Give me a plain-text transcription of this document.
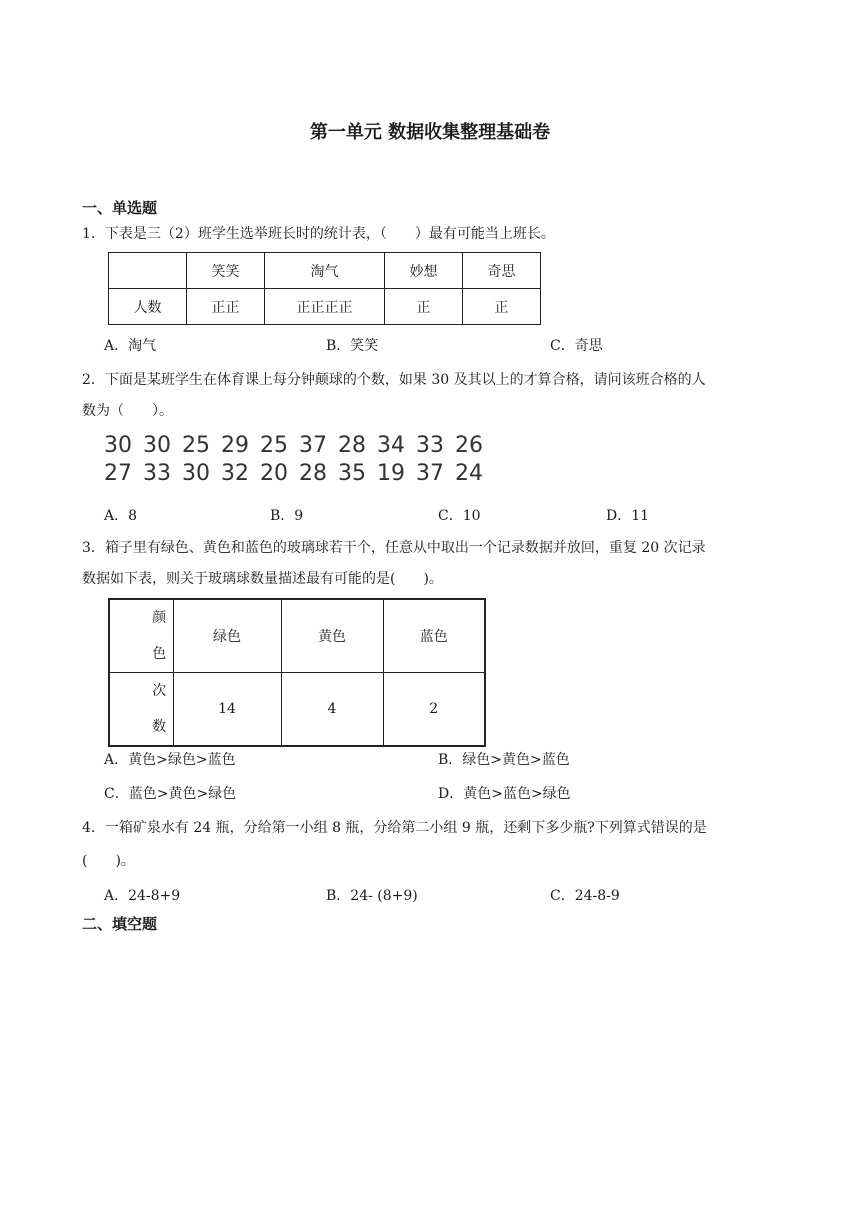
第一单元 数据收集整理基础卷
一、单选题
1．下表是三（2）班学生选举班长时的统计表，（　　）最有可能当上班长。
	笑笑	淘气	妙想	奇思
人数	正正	正正正正	正	正
A．淘气	B．笑笑	C．奇思
2．下面是某班学生在体育课上每分钟颠球的个数，如果 30 及其以上的才算合格，请问该班合格的人
数为（　　）。
30 30 25 29 25 37 28 34 33 26
27 33 30 32 20 28 35 19 37 24
A．8	B．9	C．10	D．11
3．箱子里有绿色、黄色和蓝色的玻璃球若干个，任意从中取出一个记录数据并放回，重复 20 次记录
数据如下表，则关于玻璃球数量描述最有可能的是(　　)。
颜
色	绿色	黄色	蓝色
次
数	14	4	2
A．黄色>绿色>蓝色	B．绿色>黄色>蓝色
C．蓝色>黄色>绿色	D．黄色>蓝色>绿色
4．一箱矿泉水有 24 瓶，分给第一小组 8 瓶，分给第二小组 9 瓶，还剩下多少瓶?下列算式错误的是
(　　)。
A．24-8+9	B．24- (8+9)	C．24-8-9
二、填空题
